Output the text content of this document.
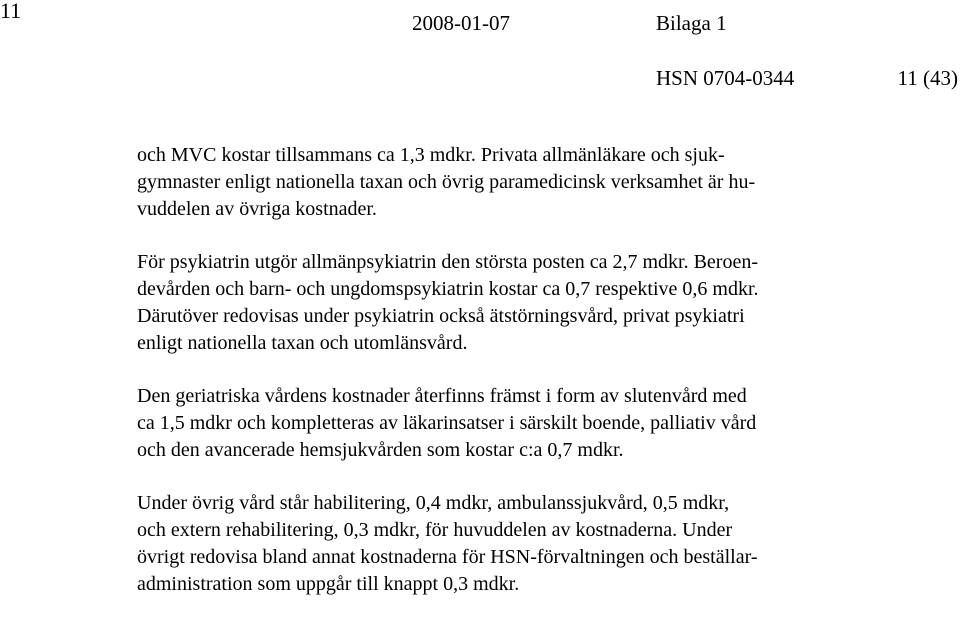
11	2008-01-07	Bilaga 1
HSN 0704-0344	11 (43)

och MVC kostar tillsammans ca 1,3 mdkr. Privata allmänläkare och sjuk-
gymnaster enligt nationella taxan och övrig paramedicinsk verksamhet är hu-
vuddelen av övriga kostnader.

För psykiatrin utgör allmänpsykiatrin den största posten ca 2,7 mdkr. Beroen-
devården och barn- och ungdomspsykiatrin kostar ca 0,7 respektive 0,6 mdkr.
Därutöver redovisas under psykiatrin också ätstörningsvård, privat psykiatri
enligt nationella taxan och utomlänsvård.

Den geriatriska vårdens kostnader återfinns främst i form av slutenvård med
ca 1,5 mdkr och kompletteras av läkarinsatser i särskilt boende, palliativ vård
och den avancerade hemsjukvården som kostar c:a 0,7 mdkr.

Under övrig vård står habilitering, 0,4 mdkr, ambulanssjukvård, 0,5 mdkr,
och extern rehabilitering, 0,3 mdkr, för huvuddelen av kostnaderna. Under
övrigt redovisa bland annat kostnaderna för HSN-förvaltningen och beställar-
administration som uppgår till knappt 0,3 mdkr.
